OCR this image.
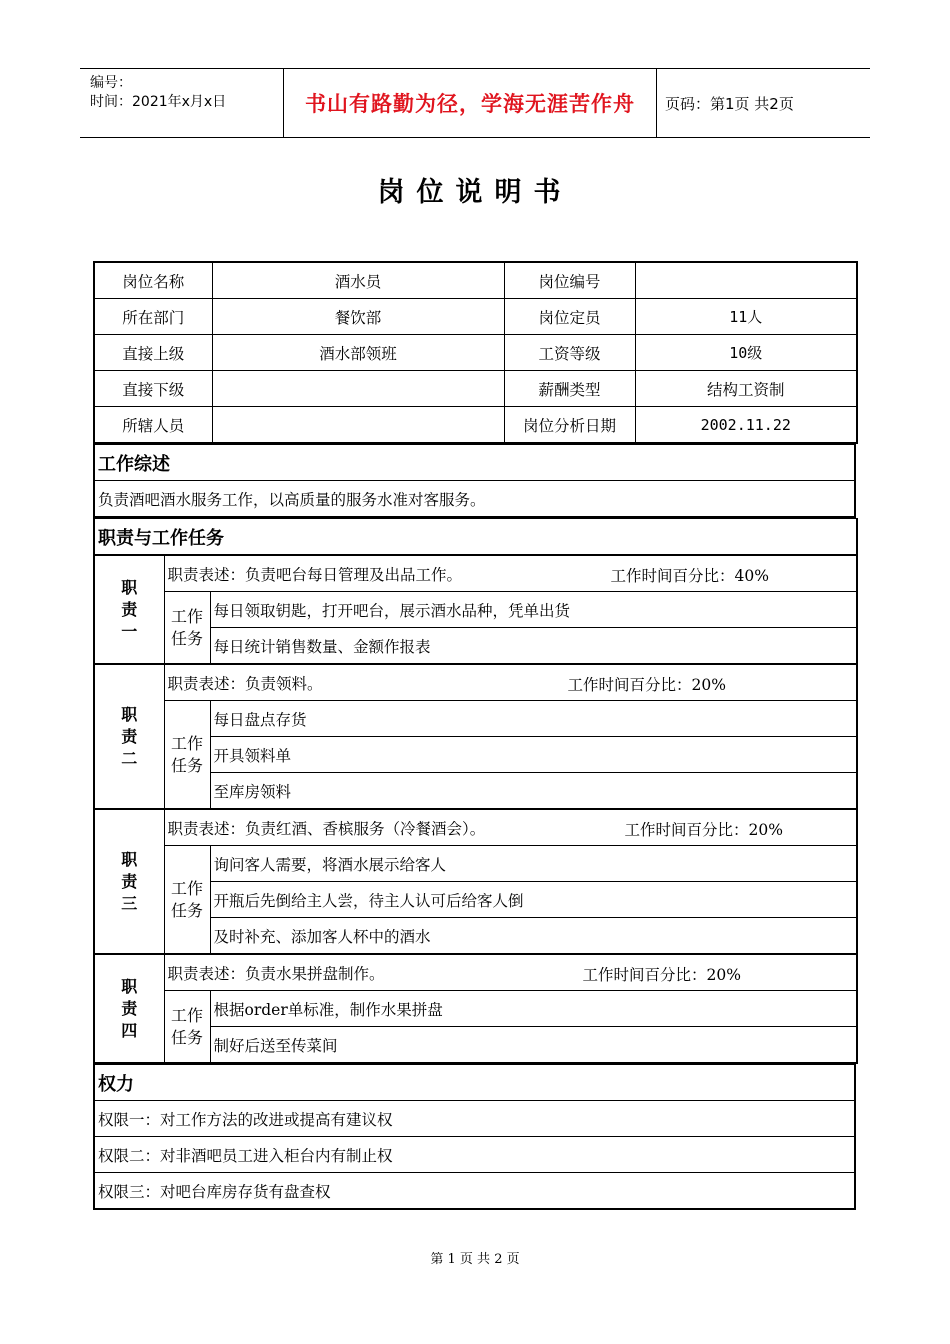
编号：
时间：2021年x月x日	书山有路勤为径，学海无涯苦作舟	页码：第1页 共2页
岗位说明书
岗位名称	酒水员	岗位编号	
所在部门	餐饮部	岗位定员	11人
直接上级	酒水部领班	工资等级	10级
直接下级		薪酬类型	结构工资制
所辖人员		岗位分析日期	2002.11.22
工作综述
负责酒吧酒水服务工作，以高质量的服务水准对客服务。
职责与工作任务		
职责一	职责表述：负责吧台每日管理及出品工作。 工作时间百分比：40%	

	工作任务	每日领取钥匙，打开吧台，展示酒水品种，凭单出货
		每日统计销售数量、金额作报表
职责二	职责表述：负责领料。 工作时间百分比：20%	

	工作任务	每日盘点存货
		开具领料单
		至库房领料
职责三	职责表述：负责红酒、香槟服务（冷餐酒会）。 工作时间百分比：20%	

	工作任务	询问客人需要，将酒水展示给客人
		开瓶后先倒给主人尝，待主人认可后给客人倒
		及时补充、添加客人杯中的酒水
职责四	职责表述：负责水果拼盘制作。 工作时间百分比：20%	

	工作任务	根据order单标准，制作水果拼盘
		制好后送至传菜间
权力
权限一：对工作方法的改进或提高有建议权
权限二：对非酒吧员工进入柜台内有制止权
权限三：对吧台库房存货有盘查权
第 1 页 共 2 页
